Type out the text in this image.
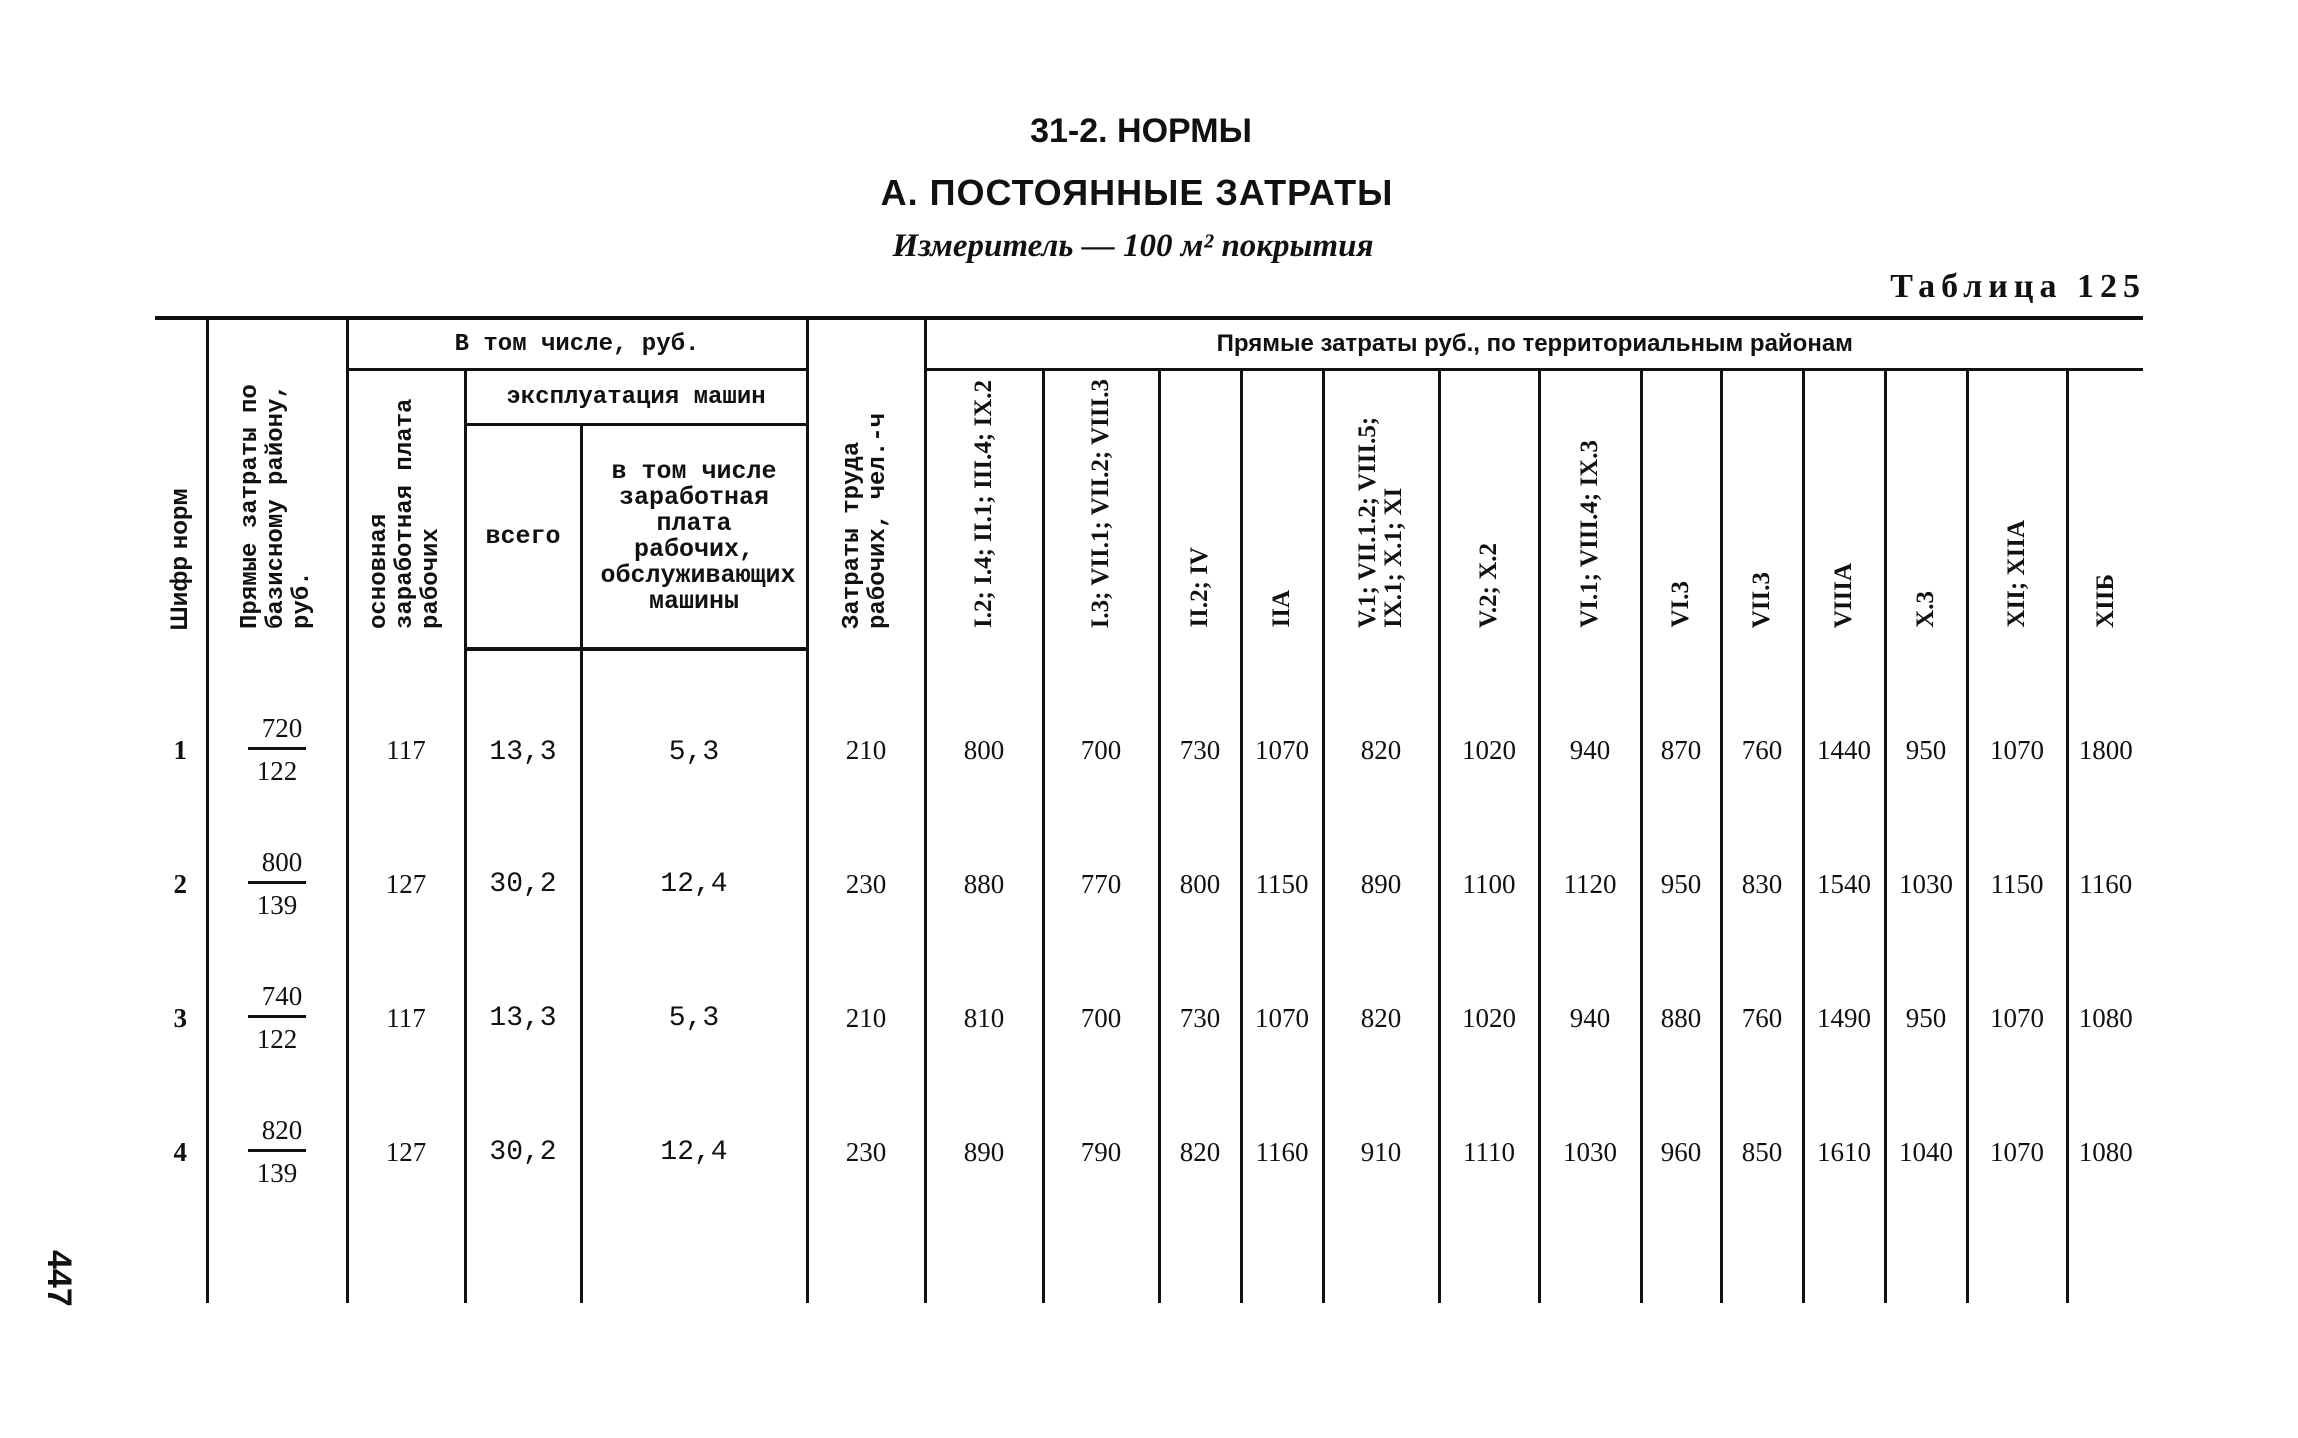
31-2. НОРМЫ
А. ПОСТОЯННЫЕ ЗАТРАТЫ
Измеритель — 100 м² покрытия
Таблица 125
Шифр норм	Прямые затраты по базисному району, руб.	В том числе, руб.			Затраты труда рабочих, чел.-ч	Прямые затраты руб., по территориальным районам												
		основная заработная плата рабочих	эксплуатация машин			I.2; I.4; II.1; III.4; IX.2	I.3; VII.1; VII.2; VIII.3	II.2; IV	IIA	V.1; VII.1.2; VIII.5; IX.1; X.1; XI	V.2; X.2	VI.1; VIII.4; IX.3	VI.3	VII.3	VIIIA	X.3	XII; XIIA	XIIБ
			всего	в том числе заработная плата рабочих, обслуживающих машины														
1	$\frac{720}{122}$	117	13,3	5,3	210	800	700	730	1070	820	1020	940	870	760	1440	950	1070	1800
2	$\frac{800}{139}$	127	30,2	12,4	230	880	770	800	1150	890	1100	1120	950	830	1540	1030	1150	1160
3	$\frac{740}{122}$	117	13,3	5,3	210	810	700	730	1070	820	1020	940	880	760	1490	950	1070	1080
4	$\frac{820}{139}$	127	30,2	12,4	230	890	790	820	1160	910	1110	1030	960	850	1610	1040	1070	1080
447
